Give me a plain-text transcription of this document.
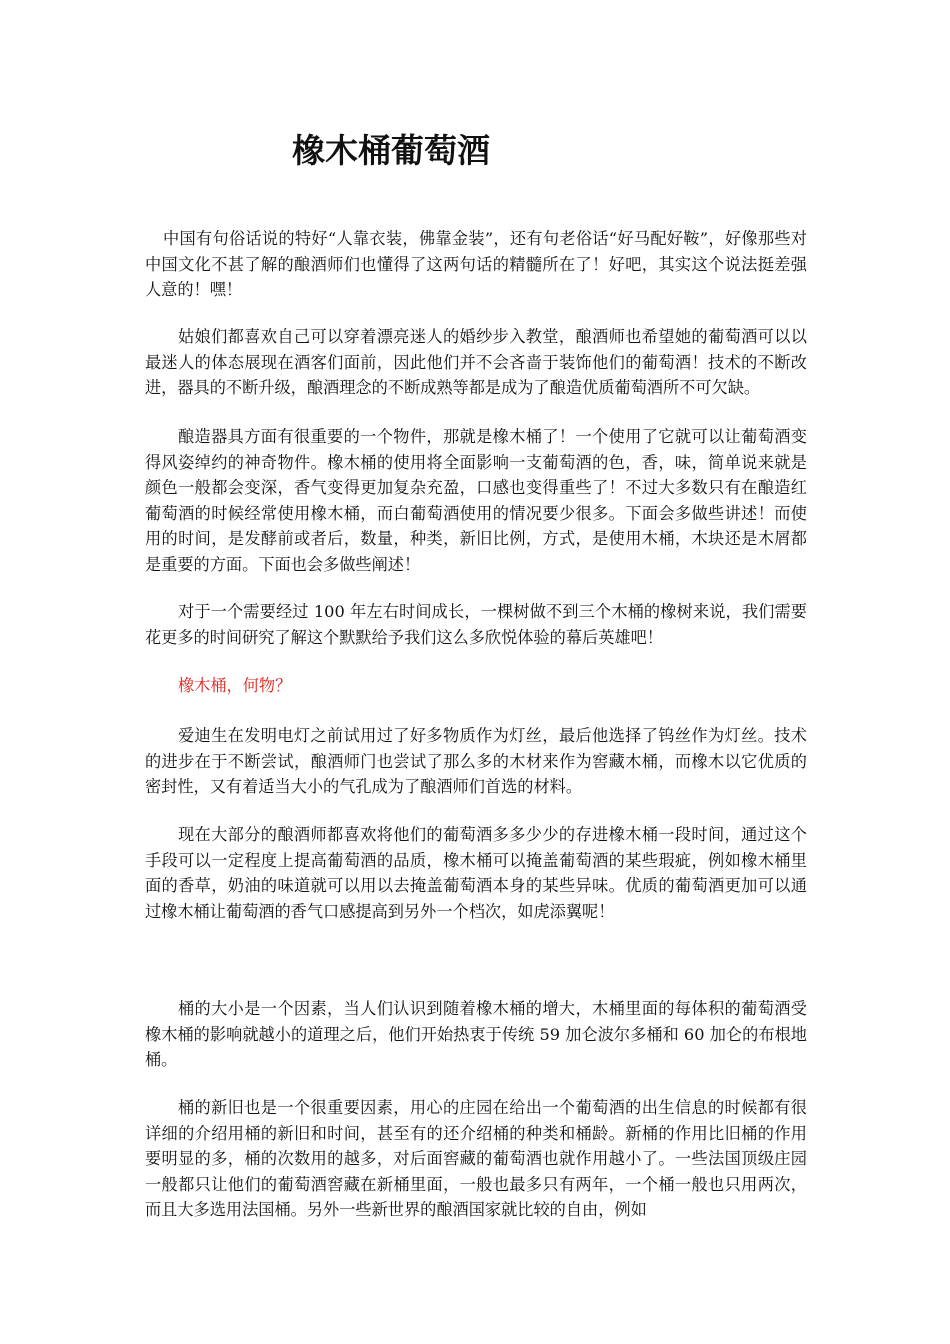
橡木桶葡萄酒

中国有句俗话说的特好“人靠衣装，佛靠金装”，还有句老俗话“好马配好鞍”，好像那些对中国文化不甚了解的酿酒师们也懂得了这两句话的精髓所在了！好吧，其实这个说法挺差强人意的！嘿！

姑娘们都喜欢自己可以穿着漂亮迷人的婚纱步入教堂，酿酒师也希望她的葡萄酒可以以最迷人的体态展现在酒客们面前，因此他们并不会吝啬于装饰他们的葡萄酒！技术的不断改进，器具的不断升级，酿酒理念的不断成熟等都是成为了酿造优质葡萄酒所不可欠缺。

酿造器具方面有很重要的一个物件，那就是橡木桶了！一个使用了它就可以让葡萄酒变得风姿绰约的神奇物件。橡木桶的使用将全面影响一支葡萄酒的色，香，味，简单说来就是颜色一般都会变深，香气变得更加复杂充盈，口感也变得重些了！不过大多数只有在酿造红葡萄酒的时候经常使用橡木桶，而白葡萄酒使用的情况要少很多。下面会多做些讲述！而使用的时间，是发酵前或者后，数量，种类，新旧比例，方式，是使用木桶，木块还是木屑都是重要的方面。下面也会多做些阐述！

对于一个需要经过 100 年左右时间成长，一棵树做不到三个木桶的橡树来说，我们需要花更多的时间研究了解这个默默给予我们这么多欣悦体验的幕后英雄吧！

橡木桶，何物？

爱迪生在发明电灯之前试用过了好多物质作为灯丝，最后他选择了钨丝作为灯丝。技术的进步在于不断尝试，酿酒师门也尝试了那么多的木材来作为窖藏木桶，而橡木以它优质的密封性，又有着适当大小的气孔成为了酿酒师们首选的材料。

现在大部分的酿酒师都喜欢将他们的葡萄酒多多少少的存进橡木桶一段时间，通过这个手段可以一定程度上提高葡萄酒的品质，橡木桶可以掩盖葡萄酒的某些瑕疵，例如橡木桶里面的香草，奶油的味道就可以用以去掩盖葡萄酒本身的某些异味。优质的葡萄酒更加可以通过橡木桶让葡萄酒的香气口感提高到另外一个档次，如虎添翼呢！

桶的大小是一个因素，当人们认识到随着橡木桶的增大，木桶里面的每体积的葡萄酒受橡木桶的影响就越小的道理之后，他们开始热衷于传统 59 加仑波尔多桶和 60 加仑的布根地桶。

桶的新旧也是一个很重要因素，用心的庄园在给出一个葡萄酒的出生信息的时候都有很详细的介绍用桶的新旧和时间，甚至有的还介绍桶的种类和桶龄。新桶的作用比旧桶的作用要明显的多，桶的次数用的越多，对后面窖藏的葡萄酒也就作用越小了。一些法国顶级庄园一般都只让他们的葡萄酒窖藏在新桶里面，一般也最多只有两年，一个桶一般也只用两次，而且大多选用法国桶。另外一些新世界的酿酒国家就比较的自由，例如
